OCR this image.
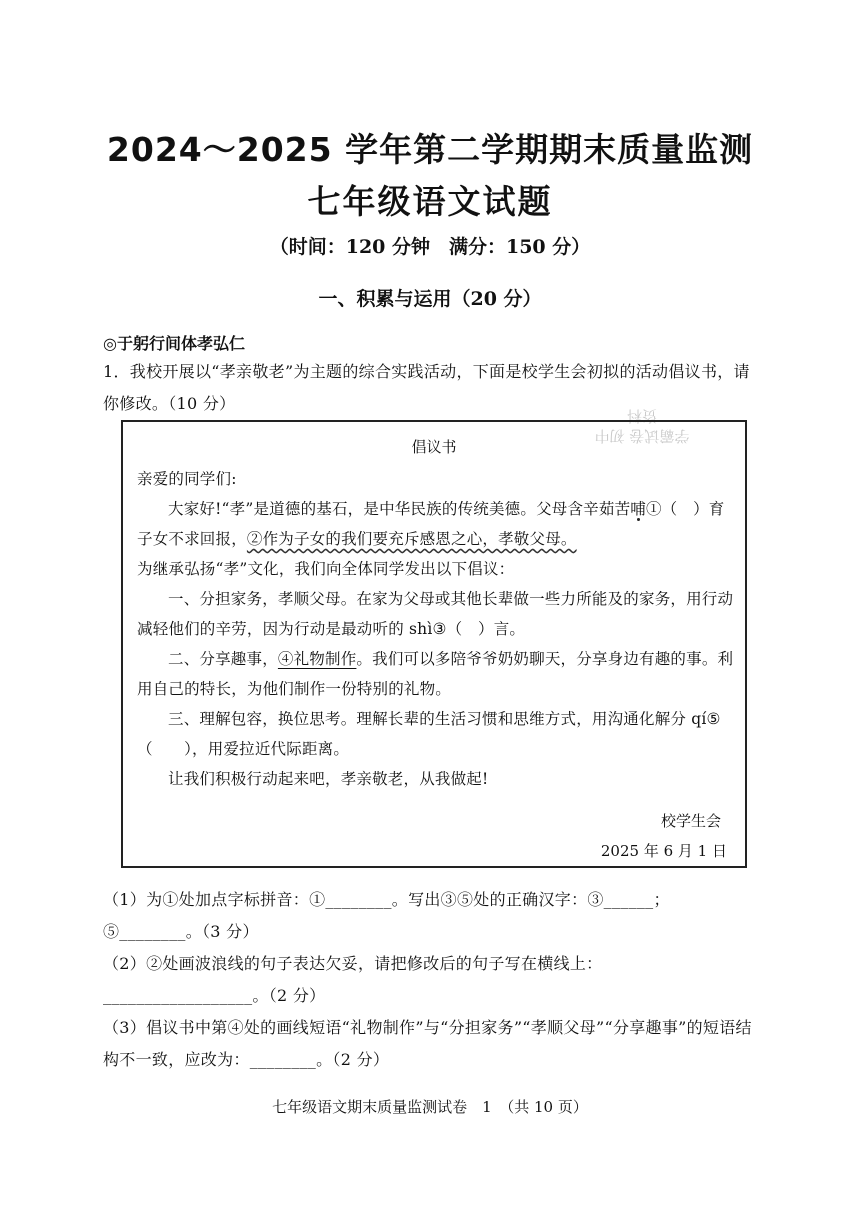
2024～2025 学年第二学期期末质量监测
七年级语文试题
（时间：120 分钟　满分：150 分）
一、积累与运用（20 分）
◎于躬行间体孝弘仁
1．我校开展以“孝亲敬老”为主题的综合实践活动，下面是校学生会初拟的活动倡议书，请你修改。（10 分）
学霸试卷 初中资料
倡议书

亲爱的同学们:

大家好!“孝”是道德的基石，是中华民族的传统美德。父母含辛茹苦哺①（　）育子女不求回报，②作为子女的我们要充斥感恩之心，孝敬父母。

为继承弘扬“孝”文化，我们向全体同学发出以下倡议：

一、分担家务，孝顺父母。在家为父母或其他长辈做一些力所能及的家务，用行动减轻他们的辛劳，因为行动是最动听的 shì③（　）言。

二、分享趣事，④礼物制作。我们可以多陪爷爷奶奶聊天，分享身边有趣的事。利用自己的特长，为他们制作一份特别的礼物。

三、理解包容，换位思考。理解长辈的生活习惯和思维方式，用沟通化解分 qí⑤（　　），用爱拉近代际距离。

让我们积极行动起来吧，孝亲敬老，从我做起!

校学生会
2025 年 6 月 1 日
（1）为①处加点字标拼音：①________。写出③⑤处的正确汉字：③______；⑤________。（3 分）
（2）②处画波浪线的句子表达欠妥，请把修改后的句子写在横线上：__________________。（2 分）
（3）倡议书中第④处的画线短语“礼物制作”与“分担家务”“孝顺父母”“分享趣事”的短语结构不一致，应改为：________。（2 分）
七年级语文期末质量监测试卷　1　（共 10 页）
